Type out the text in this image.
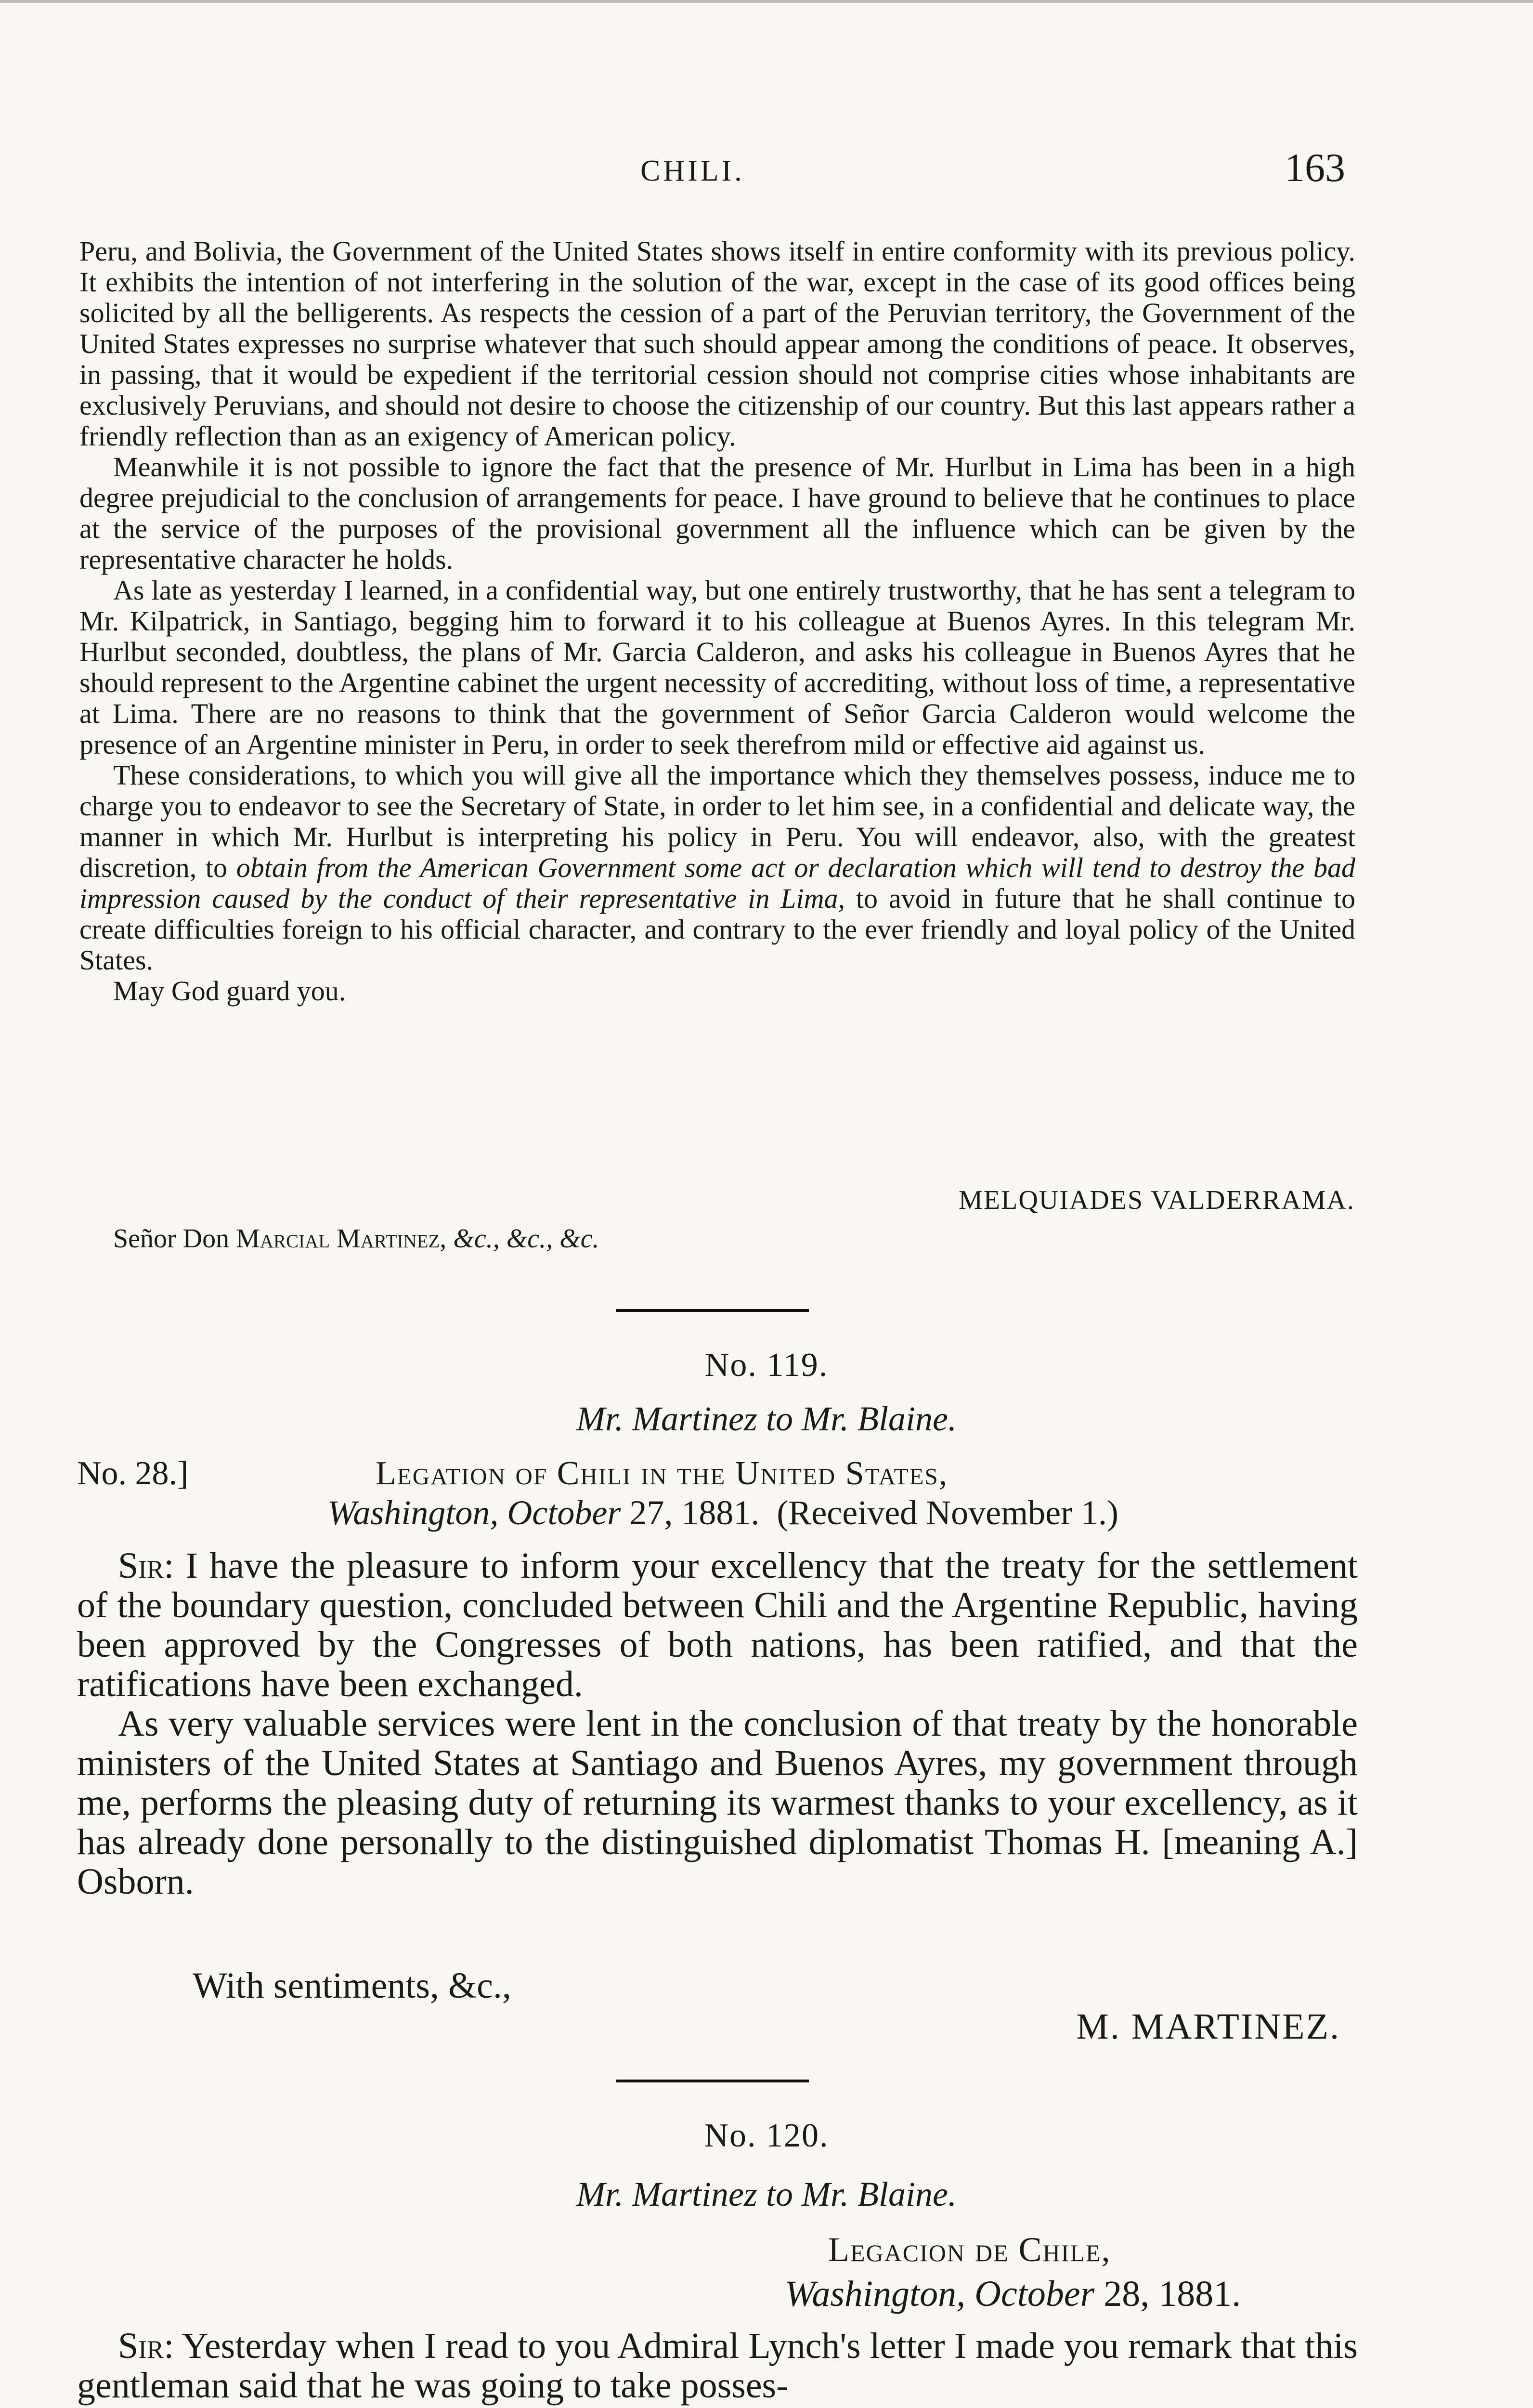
CHILI.	163

Peru, and Bolivia, the Government of the United States shows itself in entire conformity with its previous policy. It exhibits the intention of not interfering in the solution of the war, except in the case of its good offices being solicited by all the belligerents. As respects the cession of a part of the Peruvian territory, the Government of the United States expresses no surprise whatever that such should appear among the conditions of peace. It observes, in passing, that it would be expedient if the territorial cession should not comprise cities whose inhabitants are exclusively Peruvians, and should not desire to choose the citizenship of our country. But this last appears rather a friendly reflection than as an exigency of American policy.

Meanwhile it is not possible to ignore the fact that the presence of Mr. Hurlbut in Lima has been in a high degree prejudicial to the conclusion of arrangements for peace. I have ground to believe that he continues to place at the service of the purposes of the provisional government all the influence which can be given by the representative character he holds.

As late as yesterday I learned, in a confidential way, but one entirely trustworthy, that he has sent a telegram to Mr. Kilpatrick, in Santiago, begging him to forward it to his colleague at Buenos Ayres. In this telegram Mr. Hurlbut seconded, doubtless, the plans of Mr. Garcia Calderon, and asks his colleague in Buenos Ayres that he should represent to the Argentine cabinet the urgent necessity of accrediting, without loss of time, a representative at Lima. There are no reasons to think that the government of Señor Garcia Calderon would welcome the presence of an Argentine minister in Peru, in order to seek therefrom mild or effective aid against us.

These considerations, to which you will give all the importance which they themselves possess, induce me to charge you to endeavor to see the Secretary of State, in order to let him see, in a confidential and delicate way, the manner in which Mr. Hurlbut is interpreting his policy in Peru. You will endeavor, also, with the greatest discretion, to obtain from the American Government some act or declaration which will tend to destroy the bad impression caused by the conduct of their representative in Lima, to avoid in future that he shall continue to create difficulties foreign to his official character, and contrary to the ever friendly and loyal policy of the United States.

May God guard you.

MELQUIADES VALDERRAMA.
Señor Don Marcial Martinez, &c., &c., &c.
No. 119.
Mr. Martinez to Mr. Blaine.
No. 28.]	Legation of Chili in the United States,
Washington, October 27, 1881. (Received November 1.)

Sir: I have the pleasure to inform your excellency that the treaty for the settlement of the boundary question, concluded between Chili and the Argentine Republic, having been approved by the Congresses of both nations, has been ratified, and that the ratifications have been exchanged.

As very valuable services were lent in the conclusion of that treaty by the honorable ministers of the United States at Santiago and Buenos Ayres, my government through me, performs the pleasing duty of returning its warmest thanks to your excellency, as it has already done personally to the distinguished diplomatist Thomas H. [meaning A.] Osborn.

With sentiments, &c.,
M. MARTINEZ.
No. 120.
Mr. Martinez to Mr. Blaine.
Legacion de Chile,
Washington, October 28, 1881.

Sir: Yesterday when I read to you Admiral Lynch's letter I made you remark that this gentleman said that he was going to take posses-
